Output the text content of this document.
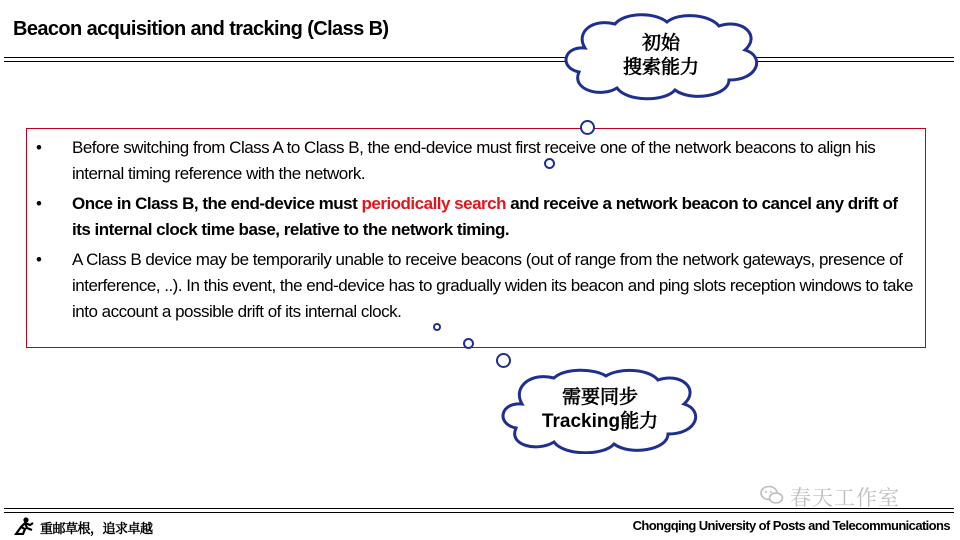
Beacon acquisition and tracking (Class B)
• Before switching from Class A to Class B, the end-device must first receive one of the network beacons to align his internal timing reference with the network.
• Once in Class B, the end-device must periodically search and receive a network beacon to cancel any drift of its internal clock time base, relative to the network timing.
• A Class B device may be temporarily unable to receive beacons (out of range from the network gateways, presence of interference, ..). In this event, the end-device has to gradually widen its beacon and ping slots reception windows to take into account a possible drift of its internal clock.
初始
搜索能力
需要同步
Tracking能力
春天工作室
重邮草根，追求卓越	Chongqing University of Posts and Telecommunications
